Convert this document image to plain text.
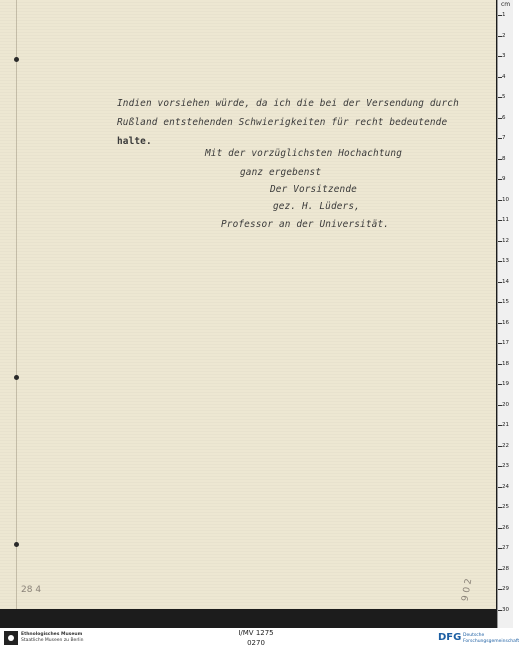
Indien vorsiehen würde, da ich die bei der Versendung durch
Rußland entstehenden Schwierigkeiten für recht bedeutende
halte.
Mit der vorzüglichsten Hochachtung
ganz ergebenst
Der Vorsitzende
gez. H. Lüders,
Professor an der Universität.
28 4	9 0 2
cm
1
2
3
4
5
6
7
8
9
10
11
12
13
14
15
16
17
18
19
20
21
22
23
24
25
26
27
28
29
30
Ethnologisches Museum
Staatliche Museen zu Berlin
I/MV 1275
0270	DFG Deutsche
Forschungsgemeinschaft
